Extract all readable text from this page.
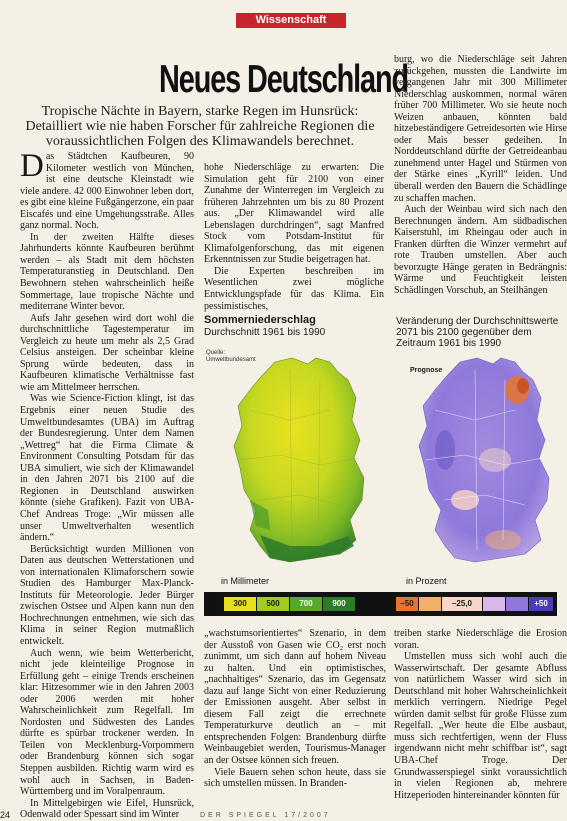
Wissenschaft
Neues Deutschland
Tropische Nächte in Bayern, starke Regen im Hunsrück: Detailliert wie nie haben Forscher für zahlreiche Regionen die voraussichtlichen Folgen des Klimawandels berechnet.

Das Städtchen Kaufbeuren, 90 Kilometer westlich von München, ist eine deutsche Kleinstadt wie viele andere. 42 000 Einwohner leben dort, es gibt eine kleine Fußgängerzone, ein paar Eiscafés und eine Umgehungsstraße. Alles ganz normal. Noch.

In der zweiten Hälfte dieses Jahrhunderts könnte Kaufbeuren berühmt werden – als Stadt mit dem höchsten Temperaturanstieg in Deutschland. Den Bewohnern stehen wahrscheinlich heiße Sommertage, laue tropische Nächte und mediterrane Winter bevor.

Aufs Jahr gesehen wird dort wohl die durchschnittliche Tagestemperatur im Vergleich zu heute um mehr als 2,5 Grad Celsius ansteigen. Der scheinbar kleine Sprung würde bedeuten, dass in Kaufbeuren klimatische Verhältnisse fast wie am Mittelmeer herrschen.

Was wie Science-Fiction klingt, ist das Ergebnis einer neuen Studie des Umweltbundesamtes (UBA) im Auftrag der Bundesregierung. Unter dem Namen „Wettreg“ hat die Firma Climate & Environment Consulting Potsdam für das UBA simuliert, wie sich der Klimawandel in den Jahren 2071 bis 2100 auf die Regionen in Deutschland auswirken könnte (siehe Grafiken). Fazit von UBA-Chef Andreas Troge: „Wir müssen alle unser Umweltverhalten wesentlich ändern.“

Berücksichtigt wurden Millionen von Daten aus deutschen Wetterstationen und von internationalen Klimaforschern sowie Studien des Hamburger Max-Planck-Instituts für Meteorologie. Jeder Bürger zwischen Ostsee und Alpen kann nun den Hochrechnungen entnehmen, wie sich das Klima in seiner Region mutmaßlich entwickelt.

Auch wenn, wie beim Wetterbericht, nicht jede kleinteilige Prognose in Erfüllung geht – einige Trends erscheinen klar: Hitzesommer wie in den Jahren 2003 oder 2006 werden mit hoher Wahrscheinlichkeit zum Regelfall. Im Nordosten und Südwesten des Landes dürfte es spürbar trockener werden. In Teilen von Mecklenburg-Vorpommern oder Brandenburg können sich sogar Steppen ausbilden. Richtig warm wird es wohl auch in Sachsen, in Baden-Württemberg und im Voralpenraum.

In Mittelgebirgen wie Eifel, Hunsrück, Odenwald oder Spessart sind im Winter

hohe Niederschläge zu erwarten: Die Simulation geht für 2100 von einer Zunahme der Winterregen im Vergleich zu früheren Jahrzehnten um bis zu 80 Prozent aus. „Der Klimawandel wird alle Lebenslagen durchdringen“, sagt Manfred Stock vom Potsdam-Institut für Klimafolgenforschung, das mit eigenen Erkenntnissen zur Studie beigetragen hat.

Die Experten beschreiben im Wesentlichen zwei mögliche Entwicklungspfade für das Klima. Ein pessimistisches,

burg, wo die Niederschläge seit Jahren zurückgehen, mussten die Landwirte im vergangenen Jahr mit 300 Millimeter Niederschlag auskommen, normal wären früher 700 Millimeter. Wo sie heute noch Weizen anbauen, könnten bald hitzebeständigere Getreidesorten wie Hirse oder Mais besser gedeihen. In Norddeutschland dürfte der Getreideanbau zunehmend unter Hagel und Stürmen von der Stärke eines „Kyrill“ leiden. Und überall werden den Bauern die Schädlinge zu schaffen machen.

Auch der Weinbau wird sich nach den Berechnungen ändern. Am südbadischen Kaiserstuhl, im Rheingau oder auch in Franken dürften die Winzer vermehrt auf rote Trauben umstellen. Aber auch bevorzugte Hänge geraten in Bedrängnis: Wärme und Feuchtigkeit leisten Schädlingen Vorschub, an Steilhängen

Sommerniederschlag
Durchschnitt 1961 bis 1990
Quelle: Umweltbundesamt
Veränderung der Durchschnittswerte 2071 bis 2100 gegenüber dem Zeitraum 1961 bis 1990
Prognose
in Millimeter	in Prozent
300	500	700	900	–50	–25,0	+50

„wachstumsorientiertes“ Szenario, in dem der Ausstoß von Gasen wie CO₂ erst noch zunimmt, um sich dann auf hohem Niveau zu halten. Und ein optimistisches, „nachhaltiges“ Szenario, das im Gegensatz dazu auf lange Sicht von einer Reduzierung der Emissionen ausgeht. Aber selbst in diesem Fall zeigt die errechnete Temperaturkurve deutlich an – mit entsprechenden Folgen: Brandenburg dürfte Weinbaugebiet werden, Tourismus-Manager an der Ostsee können sich freuen.

Viele Bauern sehen schon heute, dass sie sich umstellen müssen. In Branden-

treiben starke Niederschläge die Erosion voran.

Umstellen muss sich wohl auch die Wasserwirtschaft. Der gesamte Abfluss von natürlichem Wasser wird sich in Deutschland mit hoher Wahrscheinlichkeit merklich verringern. Niedrige Pegel würden damit selbst für große Flüsse zum Regelfall. „Wer heute die Elbe ausbaut, muss sich rechtfertigen, wenn der Fluss irgendwann nicht mehr schiffbar ist“, sagt UBA-Chef Troge. Der Grundwasserspiegel sinkt voraussichtlich in vielen Regionen ab, mehrere Hitzeperioden hintereinander könnten für

24	DER SPIEGEL 17/2007
